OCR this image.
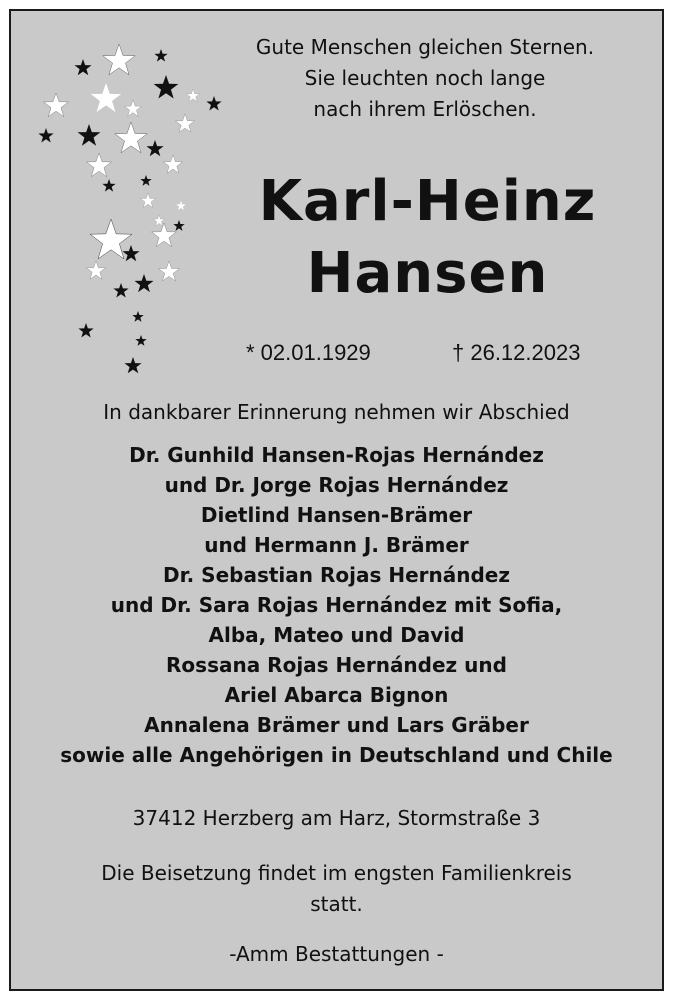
Gute Menschen gleichen Sternen.
Sie leuchten noch lange
nach ihrem Erlöschen.
Karl-Heinz
Hansen
* 02.01.1929	† 26.12.2023
In dankbarer Erinnerung nehmen wir Abschied
Dr. Gunhild Hansen-Rojas Hernández
und Dr. Jorge Rojas Hernández
Dietlind Hansen-Brämer
und Hermann J. Brämer
Dr. Sebastian Rojas Hernández
und Dr. Sara Rojas Hernández mit Sofia,
Alba, Mateo und David
Rossana Rojas Hernández und
Ariel Abarca Bignon
Annalena Brämer und Lars Gräber
sowie alle Angehörigen in Deutschland und Chile
37412 Herzberg am Harz, Stormstraße 3
Die Beisetzung findet im engsten Familienkreis
statt.
-Amm Bestattungen -
